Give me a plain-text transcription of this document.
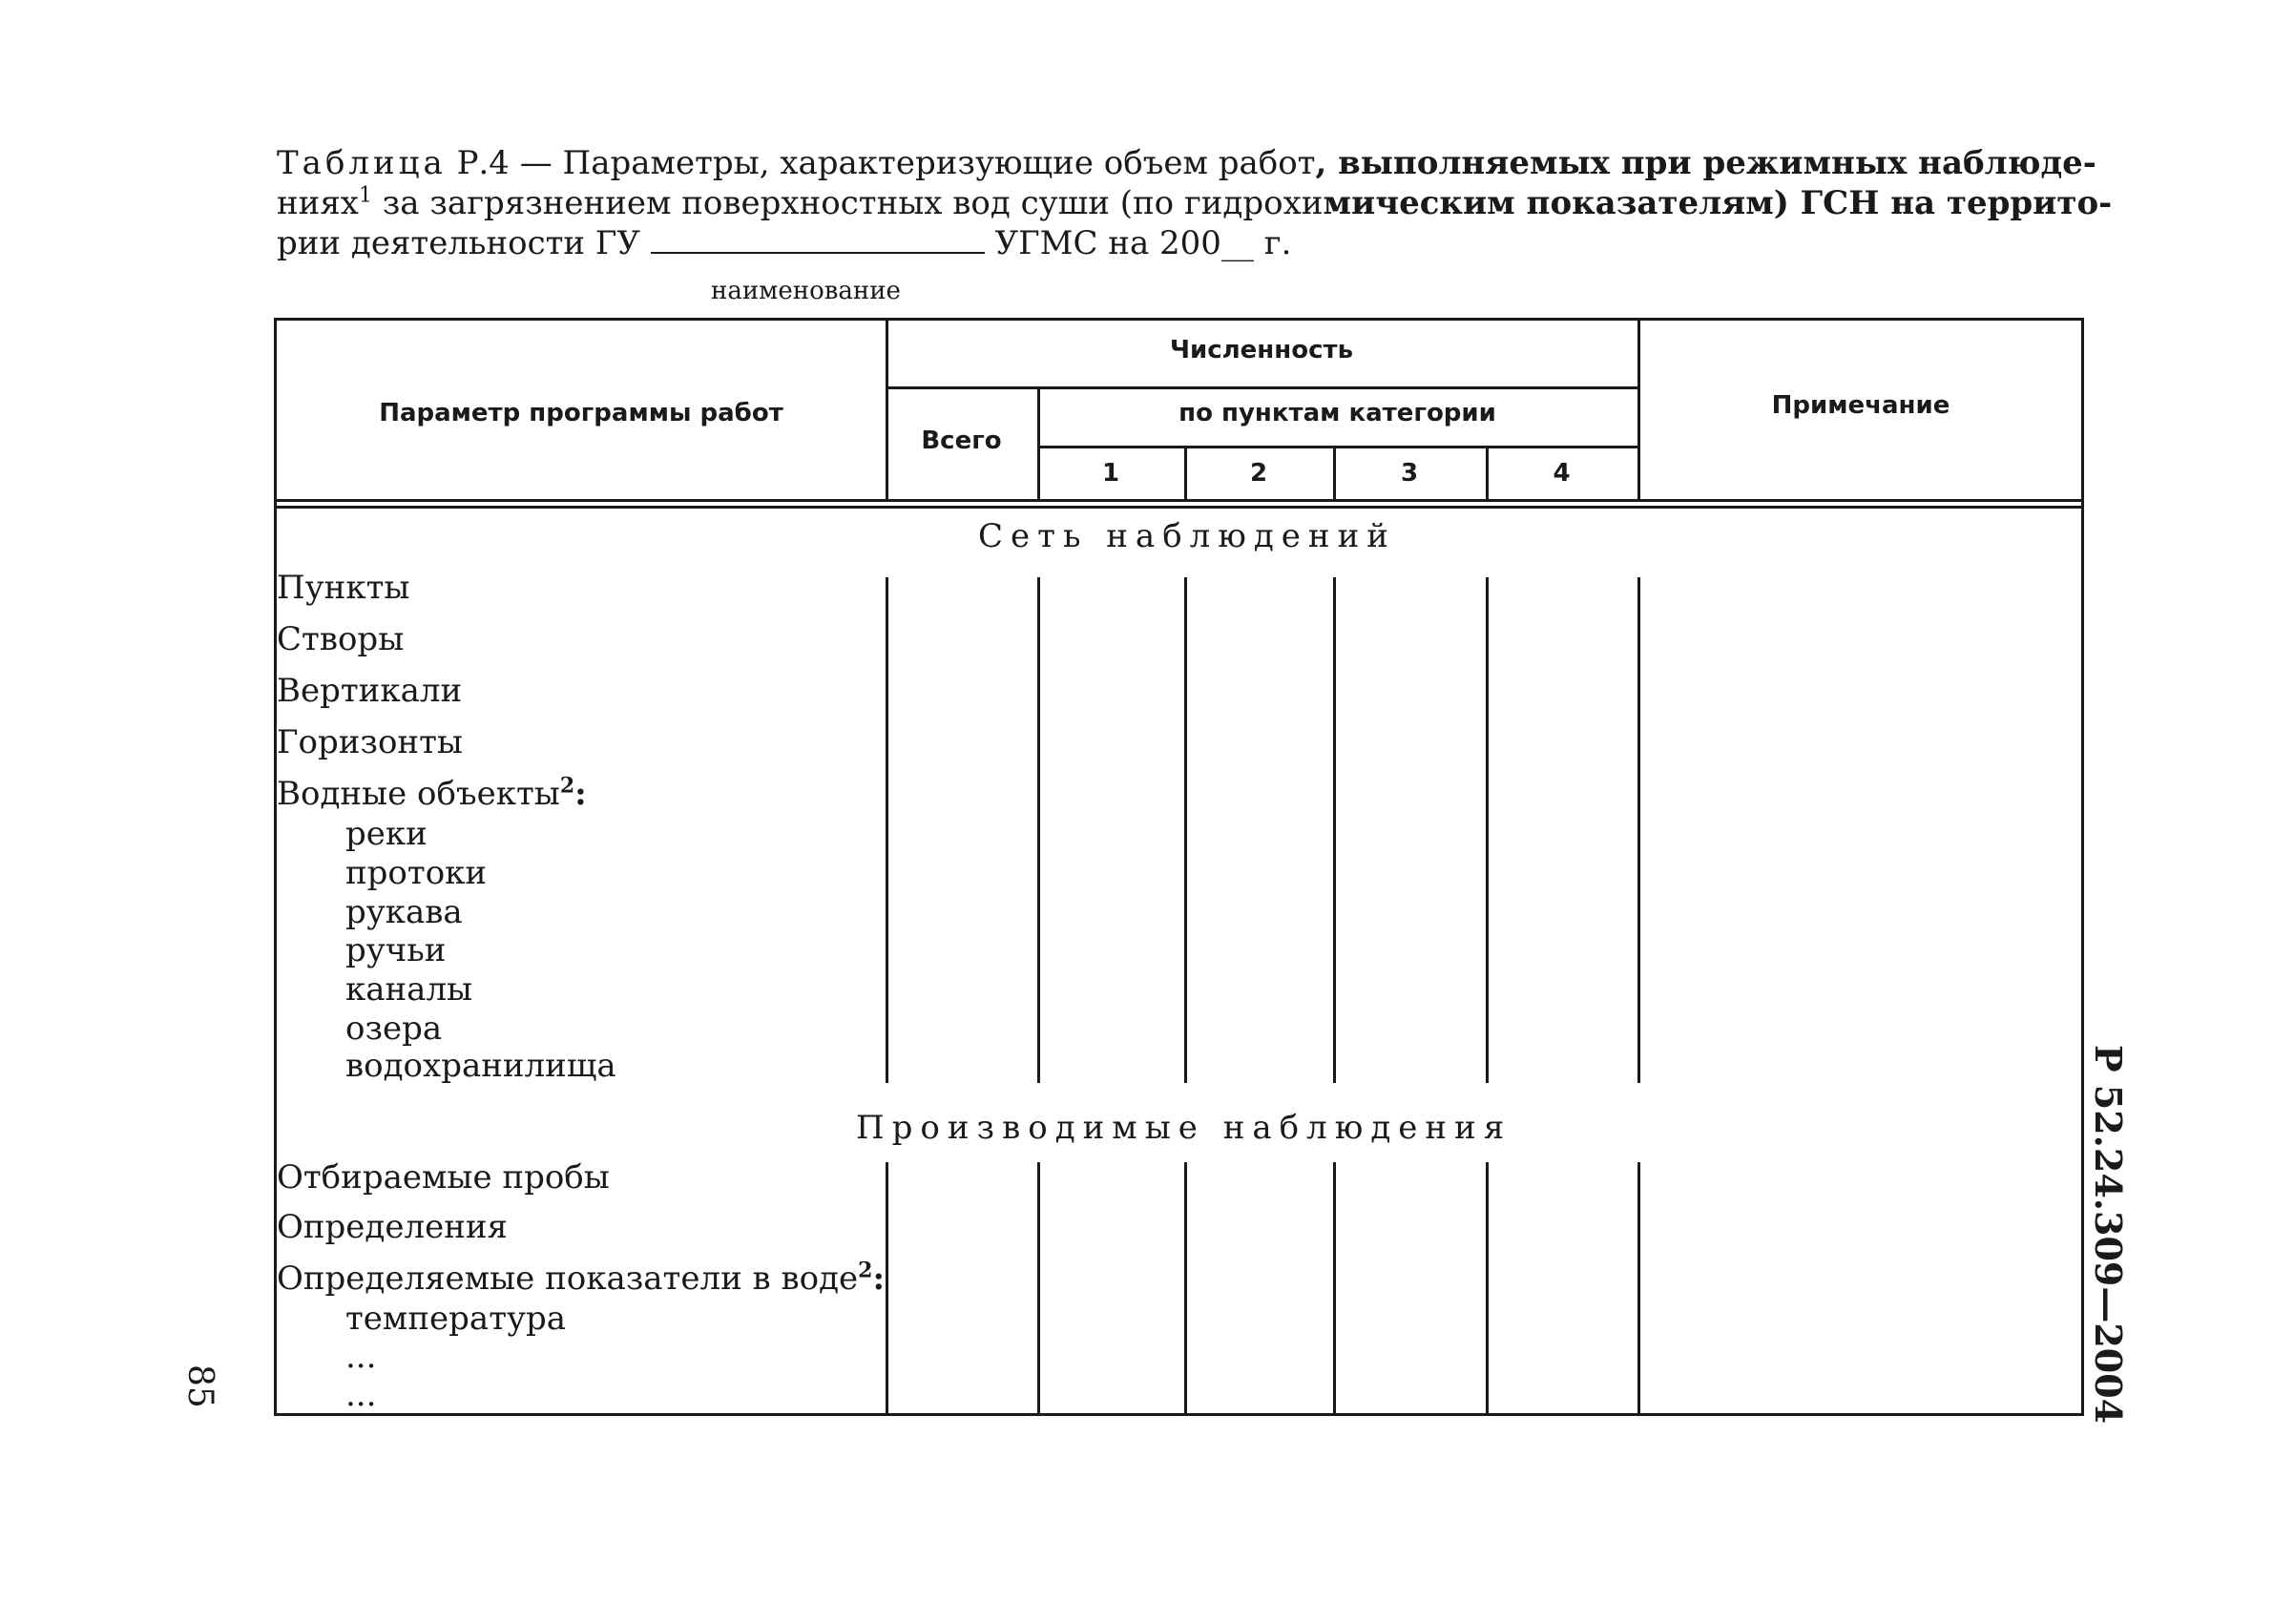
Таблица Р.4 — Параметры, характеризующие объем работ, выполняемых при режимных наблюде-
ниях$^1$ за загрязнением поверхностных вод суши (по гидрохимическим показателям) ГСН на террито-
рии деятельности ГУ	УГМС на 200__ г.
наименование
Параметр программы работ
Численность
Всего
по пунктам категории
1	2	3	4
Примечание
Сеть наблюдений
Пункты
Створы
Вертикали
Горизонты
Водные объекты$^2$:
реки
протоки
рукава
ручьи
каналы
озера
водохранилища
Производимые наблюдения
Отбираемые пробы
Определения
Определяемые показатели в воде$^2$:
температура
...
...	Р 52.24.309—2004
85
